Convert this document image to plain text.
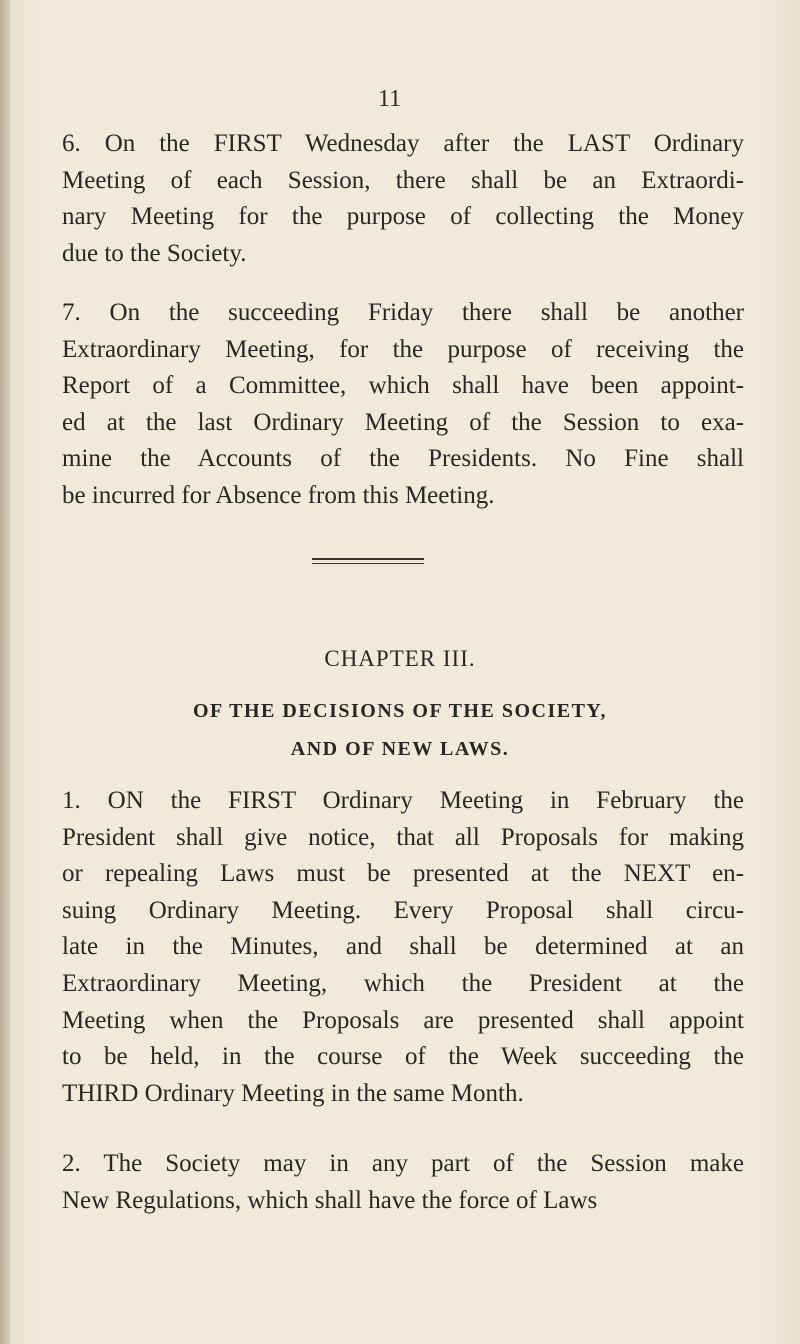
11

6. On the FIRST Wednesday after the LAST Ordinary
Meeting of each Session, there shall be an Extraordi-
nary Meeting for the purpose of collecting the Money
due to the Society.

7. On the succeeding Friday there shall be another
Extraordinary Meeting, for the purpose of receiving the
Report of a Committee, which shall have been appoint-
ed at the last Ordinary Meeting of the Session to exa-
mine the Accounts of the Presidents. No Fine shall
be incurred for Absence from this Meeting.

CHAPTER III.
OF THE DECISIONS OF THE SOCIETY,
AND OF NEW LAWS.

1. ON the FIRST Ordinary Meeting in February the
President shall give notice, that all Proposals for making
or repealing Laws must be presented at the NEXT en-
suing Ordinary Meeting. Every Proposal shall circu-
late in the Minutes, and shall be determined at an
Extraordinary Meeting, which the President at the
Meeting when the Proposals are presented shall appoint
to be held, in the course of the Week succeeding the
THIRD Ordinary Meeting in the same Month.

2. The Society may in any part of the Session make
New Regulations, which shall have the force of Laws
